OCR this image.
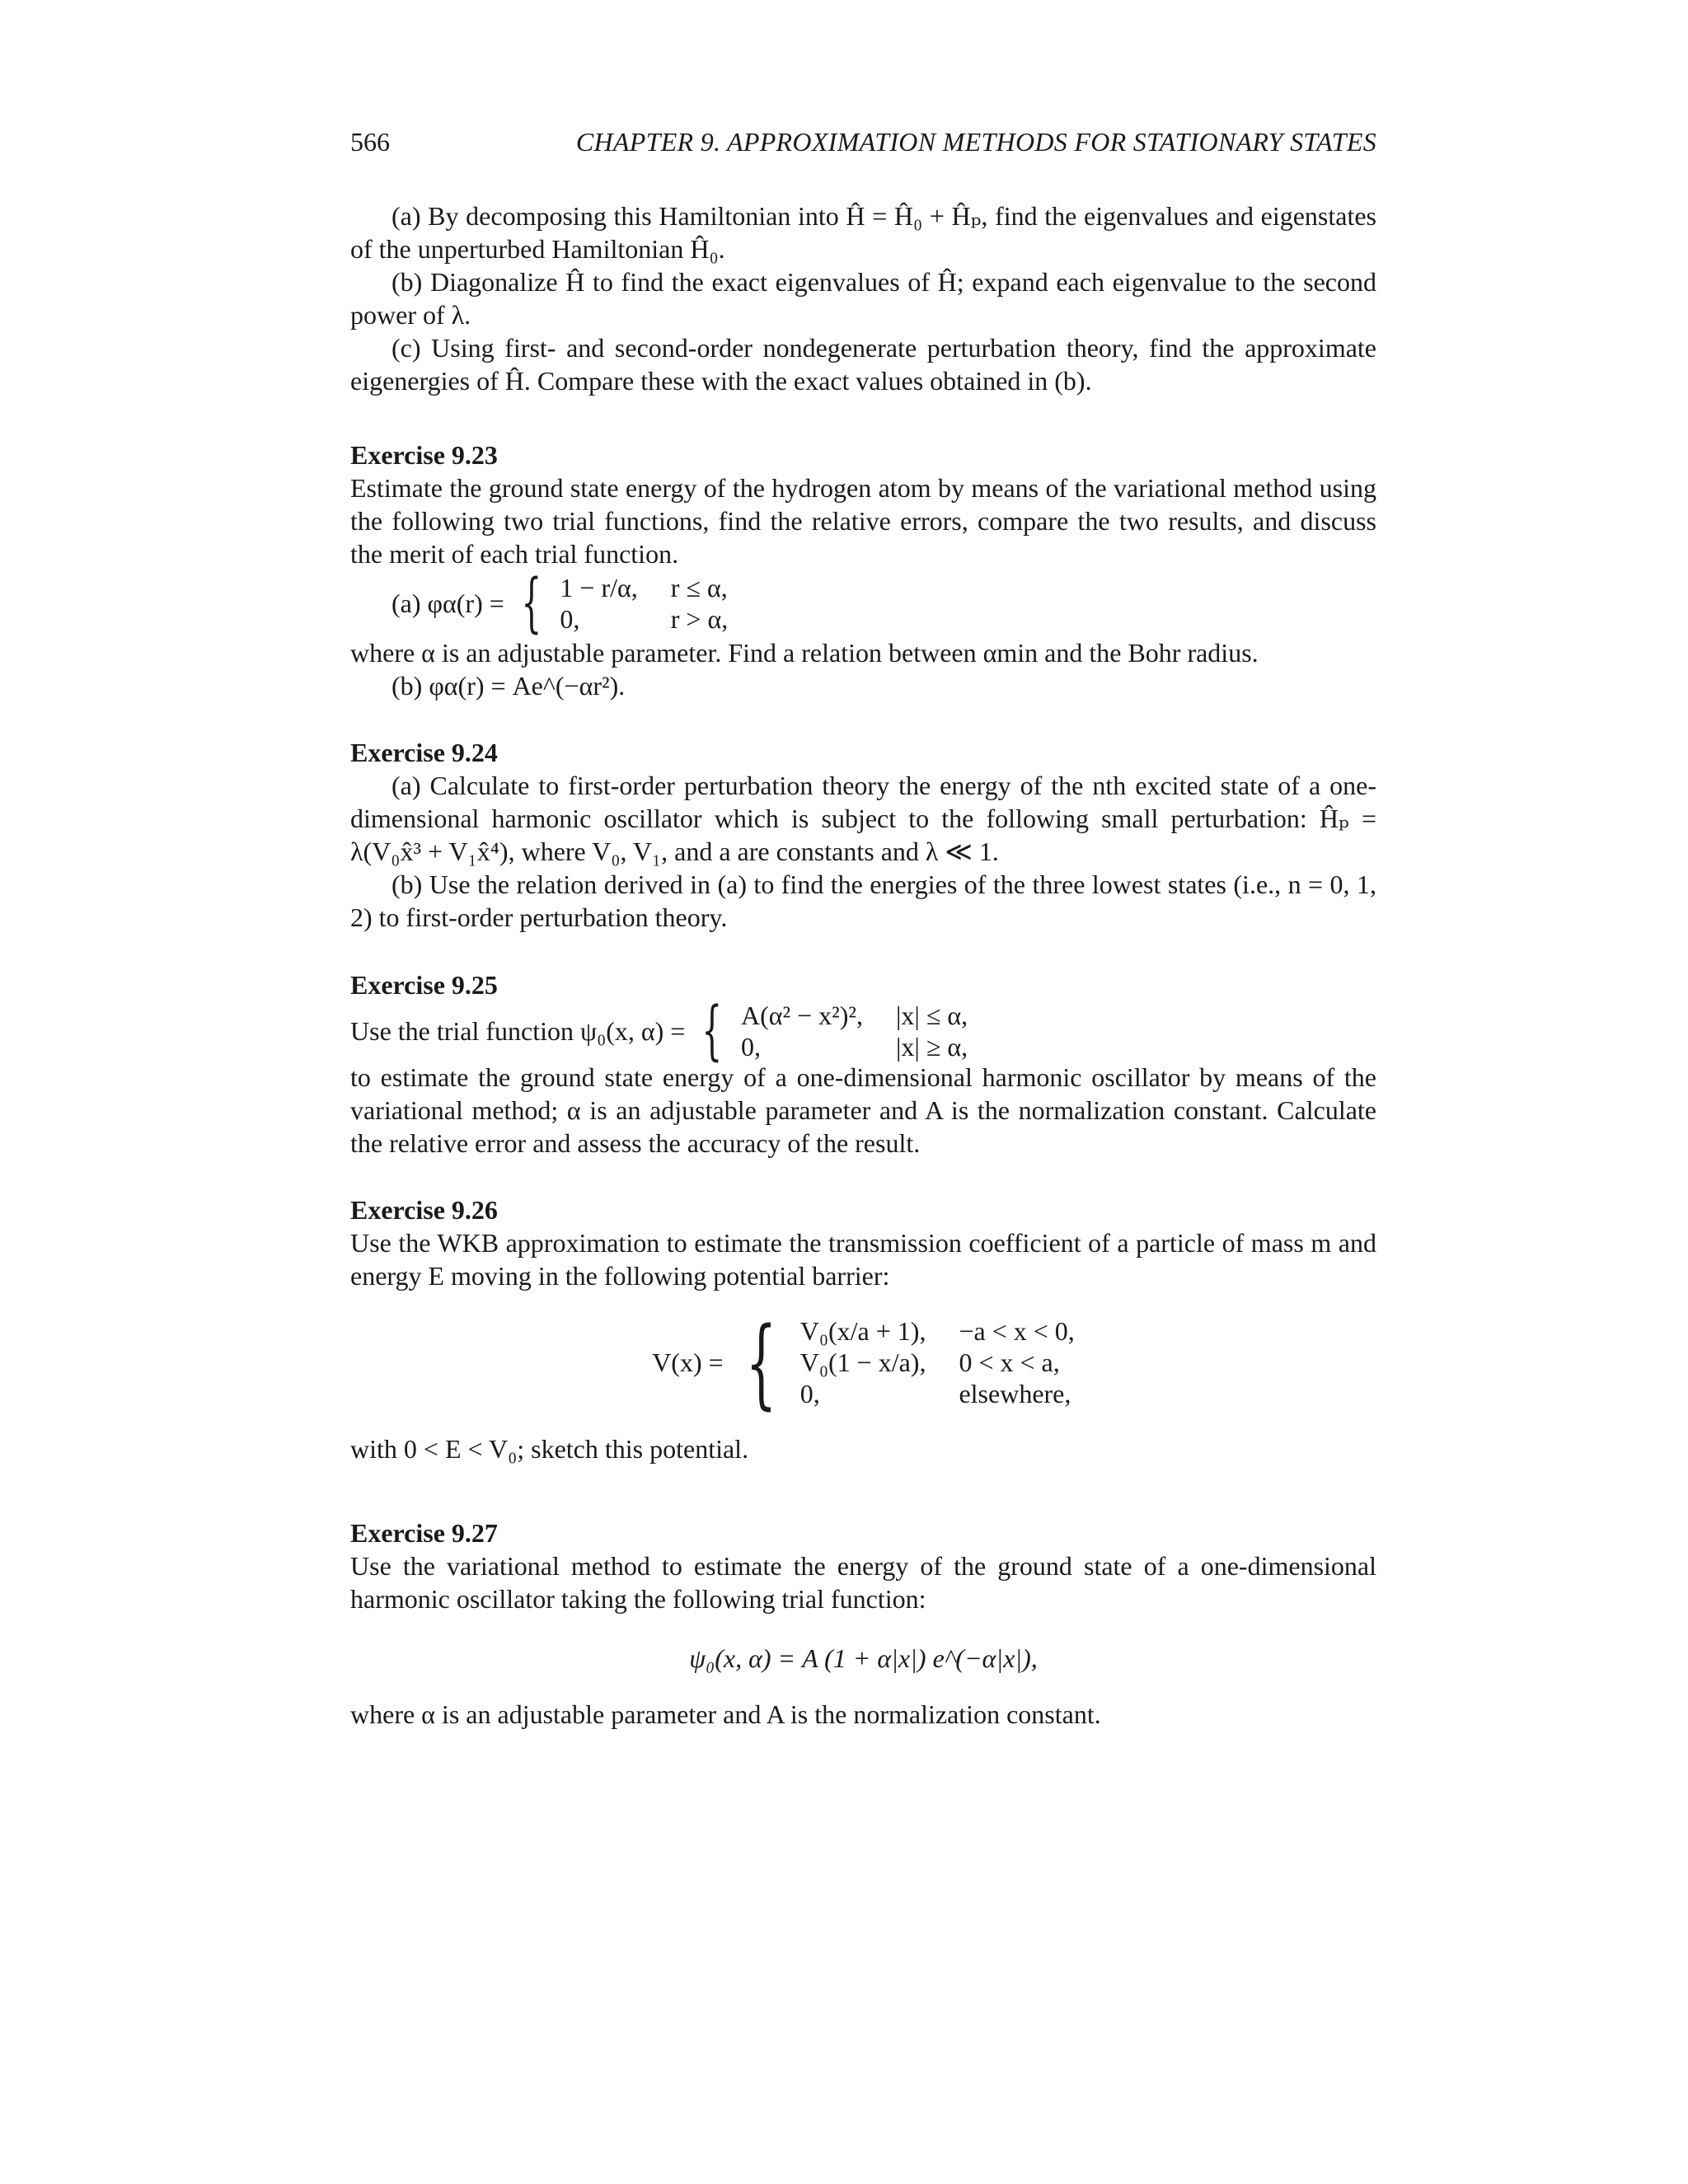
566	CHAPTER 9. APPROXIMATION METHODS FOR STATIONARY STATES

(a) By decomposing this Hamiltonian into Ĥ = Ĥ₀ + Ĥₚ, find the eigenvalues and eigenstates of the unperturbed Hamiltonian Ĥ₀.

(b) Diagonalize Ĥ to find the exact eigenvalues of Ĥ; expand each eigenvalue to the second power of λ.

(c) Using first- and second-order nondegenerate perturbation theory, find the approximate eigenergies of Ĥ. Compare these with the exact values obtained in (b).

Exercise 9.23

Estimate the ground state energy of the hydrogen atom by means of the variational method using the following two trial functions, find the relative errors, compare the two results, and discuss the merit of each trial function.

(a) φα(r) = { 1 − r/α, r ≤ α,
0,	r > α,

where α is an adjustable parameter. Find a relation between αmin and the Bohr radius.

(b) φα(r) = Ae^(−αr²).

Exercise 9.24

(a) Calculate to first-order perturbation theory the energy of the nth excited state of a one-dimensional harmonic oscillator which is subject to the following small perturbation: Ĥₚ = λ(V₀x̂³ + V₁x̂⁴), where V₀, V₁, and a are constants and λ ≪ 1.

(b) Use the relation derived in (a) to find the energies of the three lowest states (i.e., n = 0, 1, 2) to first-order perturbation theory.

Exercise 9.25

Use the trial function ψ₀(x, α) = { A(α² − x²)², |x| ≤ α,
0,	|x| ≥ α,

to estimate the ground state energy of a one-dimensional harmonic oscillator by means of the variational method; α is an adjustable parameter and A is the normalization constant. Calculate the relative error and assess the accuracy of the result.

Exercise 9.26

Use the WKB approximation to estimate the transmission coefficient of a particle of mass m and energy E moving in the following potential barrier:

V(x) = { V₀(x/a + 1), −a < x < 0,
V₀(1 − x/a), 0 < x < a,
0,	elsewhere,

with 0 < E < V₀; sketch this potential.

Exercise 9.27

Use the variational method to estimate the energy of the ground state of a one-dimensional harmonic oscillator taking the following trial function:

ψ₀(x, α) = A (1 + α|x|) e^(−α|x|),

where α is an adjustable parameter and A is the normalization constant.
